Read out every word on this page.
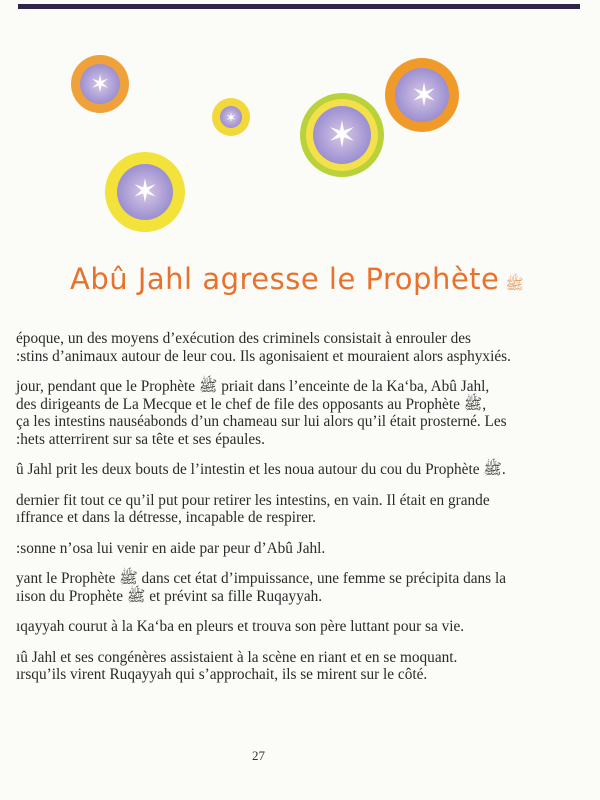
✶
✶
✶	✶
✶
Abû Jahl agresse le Prophète ﷺ

époque, un des moyens d’exécution des criminels consistait à enrouler des
:stins d’animaux autour de leur cou. Ils agonisaient et mouraient alors asphyxiés.

jour, pendant que le Prophète ﷺ priait dans l’enceinte de la Ka‘ba, Abû Jahl,
des dirigeants de La Mecque et le chef de file des opposants au Prophète ﷺ,
ça les intestins nauséabonds d’un chameau sur lui alors qu’il était prosterné. Les
:hets atterrirent sur sa tête et ses épaules.

û Jahl prit les deux bouts de l’intestin et les noua autour du cou du Prophète ﷺ.

dernier fit tout ce qu’il put pour retirer les intestins, en vain. Il était en grande
ıffrance et dans la détresse, incapable de respirer.

:sonne n’osa lui venir en aide par peur d’Abû Jahl.

yant le Prophète ﷺ dans cet état d’impuissance, une femme se précipita dans la
ıison du Prophète ﷺ et prévint sa fille Ruqayyah.

ıqayyah courut à la Ka‘ba en pleurs et trouva son père luttant pour sa vie.

ıû Jahl et ses congénères assistaient à la scène en riant et en se moquant.
ırsqu’ils virent Ruqayyah qui s’approchait, ils se mirent sur le côté.

27
